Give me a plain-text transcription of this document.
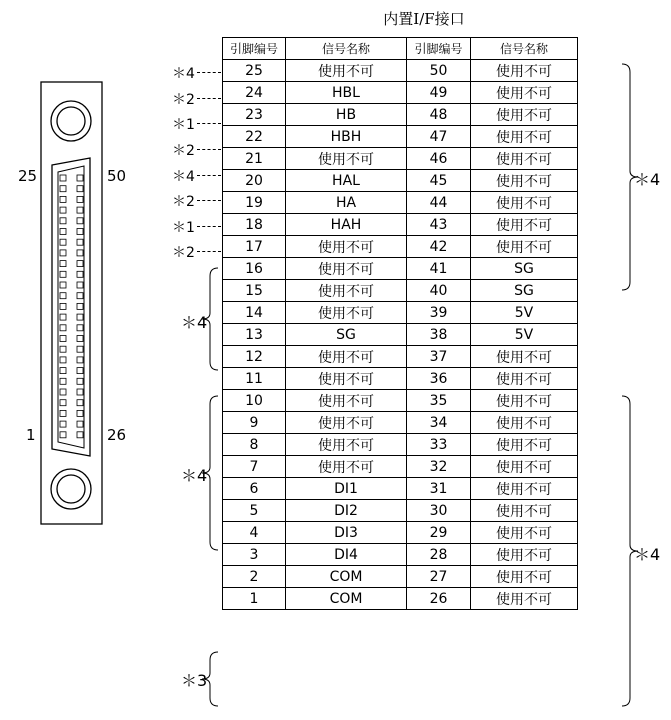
内置I/F接口
引脚编号	信号名称	引脚编号	信号名称
25	使用不可	50	使用不可
24	HBL	49	使用不可
23	HB	48	使用不可
22	HBH	47	使用不可
21	使用不可	46	使用不可
20	HAL	45	使用不可
19	HA	44	使用不可
18	HAH	43	使用不可
17	使用不可	42	使用不可
16	使用不可	41	SG
15	使用不可	40	SG
14	使用不可	39	5V
13	SG	38	5V
12	使用不可	37	使用不可
11	使用不可	36	使用不可
10	使用不可	35	使用不可
9	使用不可	34	使用不可
8	使用不可	33	使用不可
7	使用不可	32	使用不可
6	DI1	31	使用不可
5	DI2	30	使用不可
4	DI3	29	使用不可
3	DI4	28	使用不可
2	COM	27	使用不可
1	COM	26	使用不可
＊4
＊2
＊1
＊2
＊4
＊2
＊1
＊2
25	50
1	26
＊4
＊4
＊3
＊4
＊4
